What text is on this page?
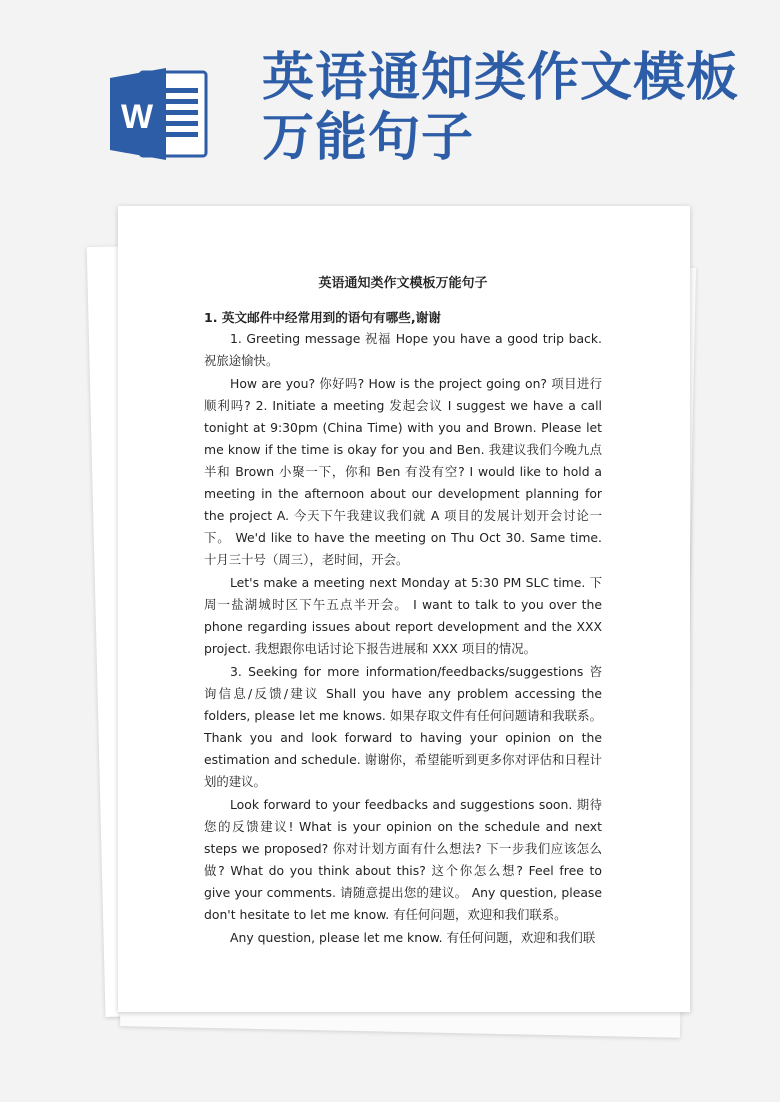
W
英语通知类作文模板万能句子

英语通知类作文模板万能句子

1. 英文邮件中经常用到的语句有哪些,谢谢

1. Greeting message 祝福 Hope you have a good trip back. 祝旅途愉快。

How are you? 你好吗? How is the project going on? 项目进行顺利吗? 2. Initiate a meeting 发起会议 I suggest we have a call tonight at 9:30pm (China Time) with you and Brown. Please let me know if the time is okay for you and Ben. 我建议我们今晚九点半和 Brown 小聚一下，你和 Ben 有没有空? I would like to hold a meeting in the afternoon about our development planning for the project A. 今天下午我建议我们就 A 项目的发展计划开会讨论一下。 We'd like to have the meeting on Thu Oct 30. Same time. 十月三十号（周三），老时间，开会。

Let's make a meeting next Monday at 5:30 PM SLC time. 下周一盐湖城时区下午五点半开会。 I want to talk to you over the phone regarding issues about report development and the XXX project. 我想跟你电话讨论下报告进展和 XXX 项目的情况。

3. Seeking for more information/feedbacks/suggestions 咨询信息/反馈/建议 Shall you have any problem accessing the folders, please let me knows. 如果存取文件有任何问题请和我联系。 Thank you and look forward to having your opinion on the estimation and schedule. 谢谢你，希望能听到更多你对评估和日程计划的建议。

Look forward to your feedbacks and suggestions soon. 期待您的反馈建议! What is your opinion on the schedule and next steps we proposed? 你对计划方面有什么想法? 下一步我们应该怎么做? What do you think about this? 这个你怎么想? Feel free to give your comments. 请随意提出您的建议。 Any question, please don't hesitate to let me know. 有任何问题，欢迎和我们联系。

Any question, please let me know. 有任何问题，欢迎和我们联
